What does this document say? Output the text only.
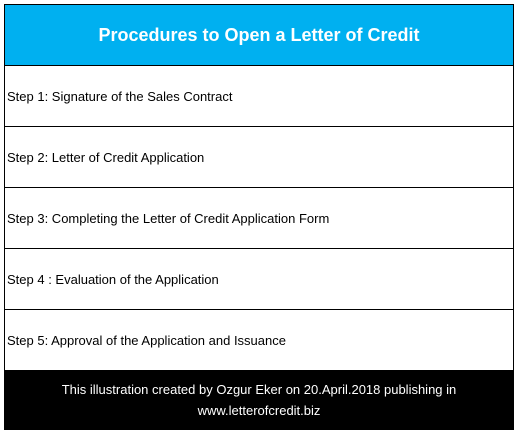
Procedures to Open a Letter of Credit
Step 1: Signature of the Sales Contract
Step 2: Letter of Credit Application
Step 3: Completing the Letter of Credit Application Form
Step 4 : Evaluation of the Application
Step 5: Approval of the Application and Issuance
This illustration created by Ozgur Eker on 20.April.2018 publishing in
www.letterofcredit.biz
